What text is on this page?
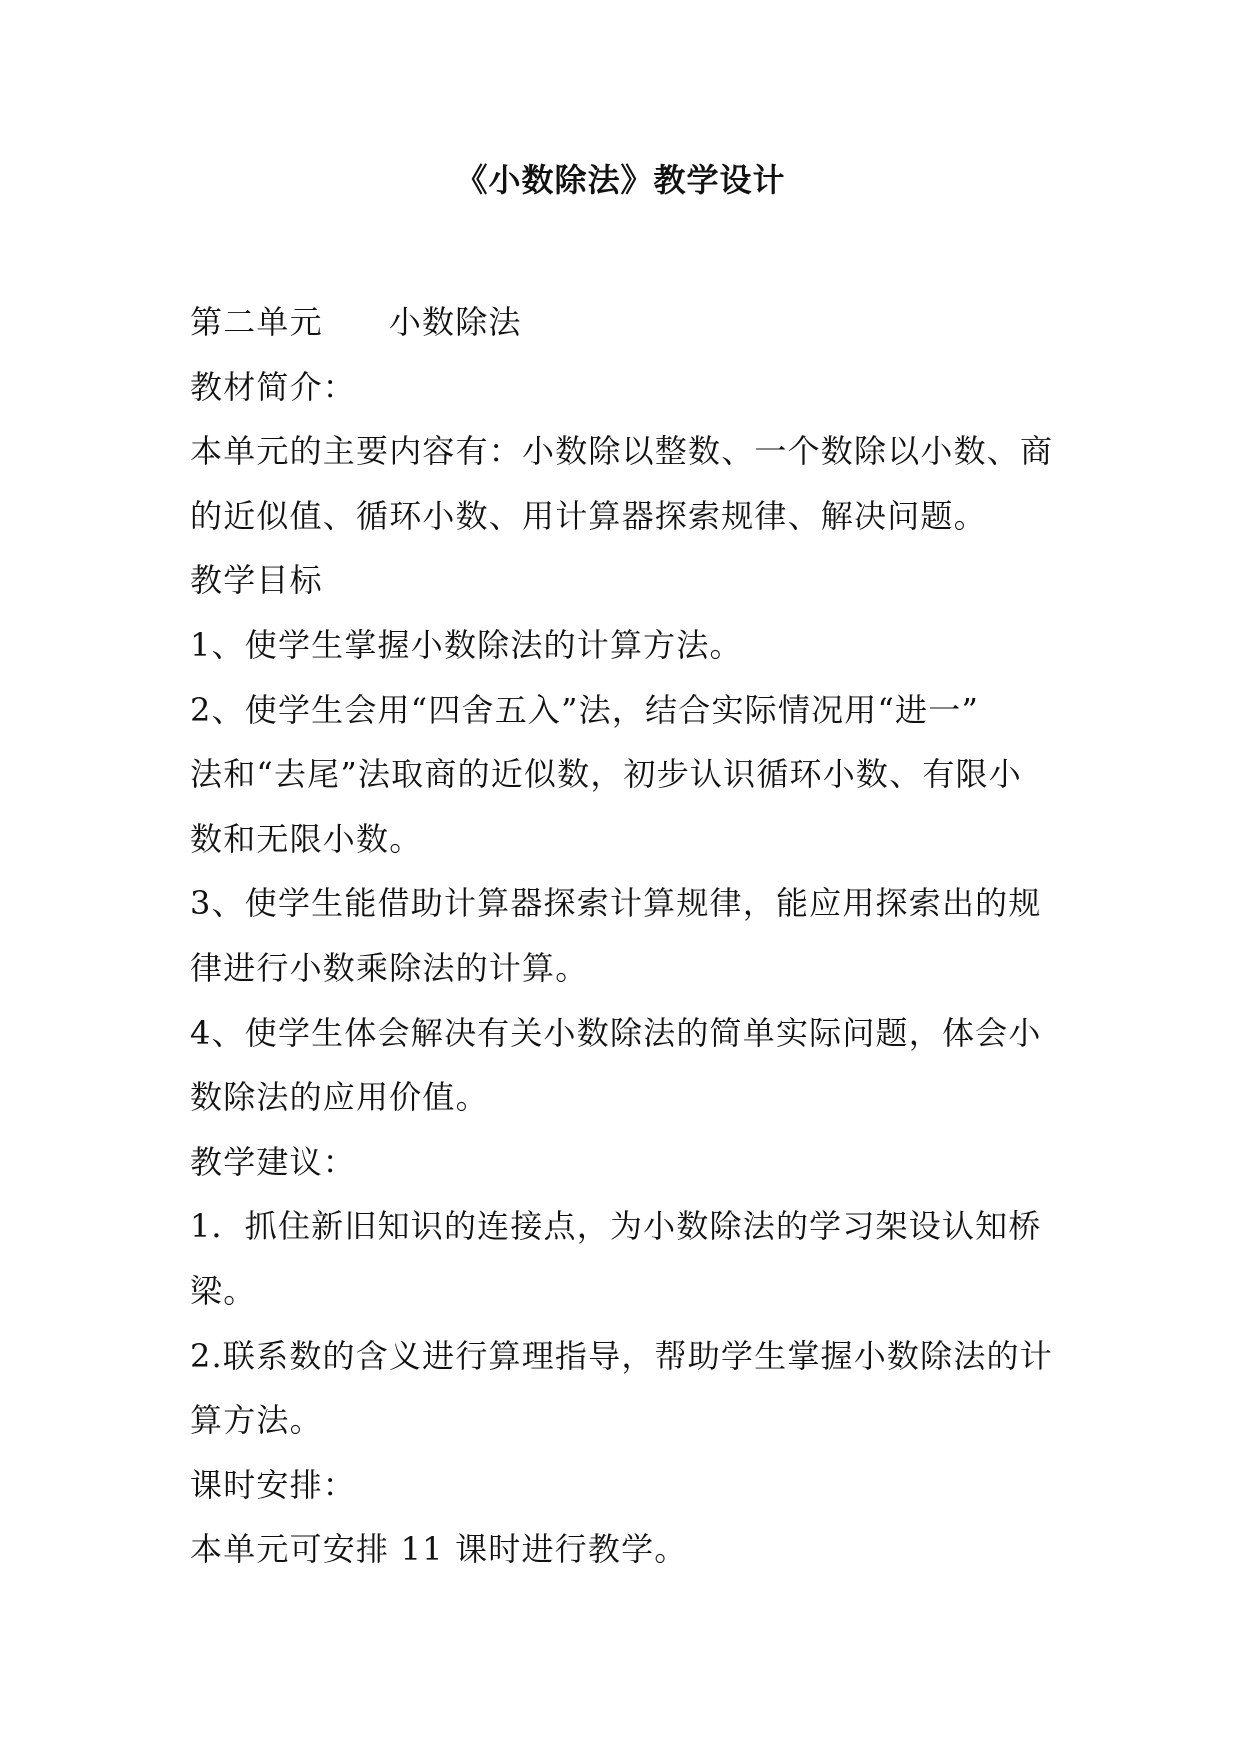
《小数除法》教学设计

第二单元 小数除法

教材简介：

本单元的主要内容有：小数除以整数、一个数除以小数、商

的近似值、循环小数、用计算器探索规律、解决问题。

教学目标

1、使学生掌握小数除法的计算方法。

2、使学生会用“四舍五入”法，结合实际情况用“进一”

法和“去尾”法取商的近似数，初步认识循环小数、有限小

数和无限小数。

3、使学生能借助计算器探索计算规律，能应用探索出的规

律进行小数乘除法的计算。

4、使学生体会解决有关小数除法的简单实际问题，体会小

数除法的应用价值。

教学建议：

1．抓住新旧知识的连接点，为小数除法的学习架设认知桥

梁。

2.联系数的含义进行算理指导，帮助学生掌握小数除法的计

算方法。

课时安排：

本单元可安排 11 课时进行教学。
